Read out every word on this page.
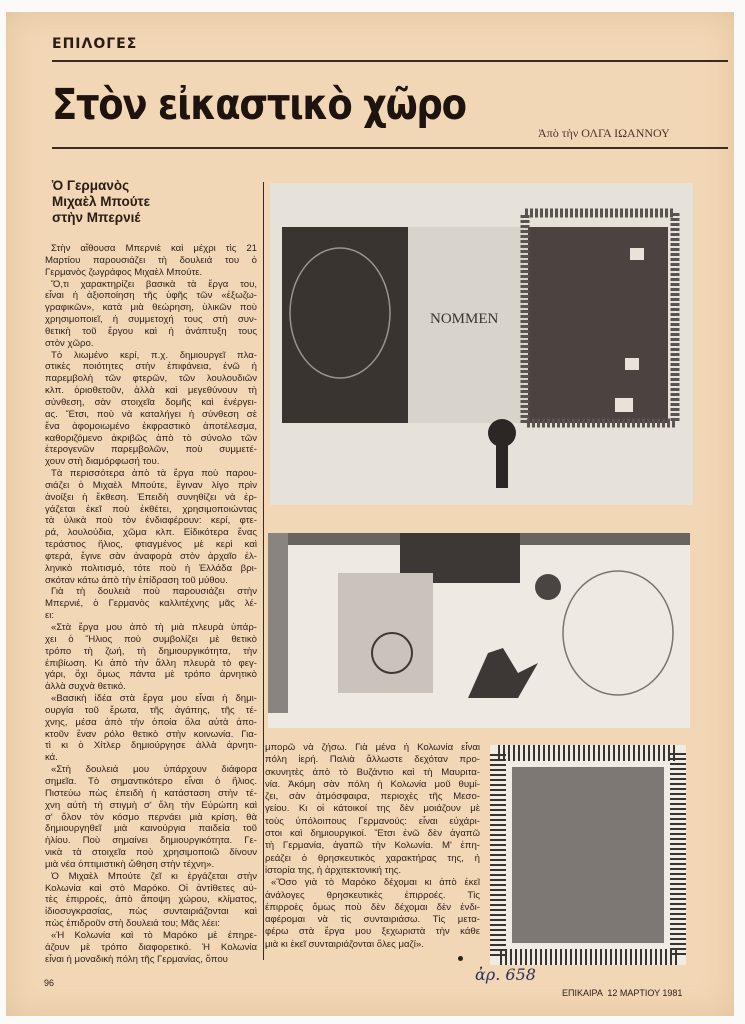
ΕΠΙΛΟΓΕΣ
Στὸν εἰκαστικὸ χῶρο
Ἀπὸ τὴν ΟΛΓΑ ΙΩΑΝΝΟΥ
Ὁ Γερμανὸς
Μιχαὲλ Μπούτε
στὴν Μπερνιέ
Στὴν αἴθουσα Μπερνιὲ καὶ μέχρι τὶς 21
Μαρτίου παρουσιάζει τὴ δουλειά του ὁ
Γερμανὸς ζωγράφος Μιχαὲλ Μπούτε.
Ὅ,τι χαρακτηρίζει βασικὰ τὰ ἔργα του,
εἶναι ἡ ἀξιοποίηση τῆς ὑφῆς τῶν «ἐξωζω-
γραφικῶν», κατὰ μιὰ θεώρηση, ὑλικῶν ποὺ
χρησιμοποιεῖ, ἡ συμμετοχή τους στὴ συν-
θετικὴ τοῦ ἔργου καὶ ἡ ἀνάπτυξη τους
στὸν χῶρο.
Τὸ λιωμένο κερί, π.χ. δημιουργεῖ πλα-
στικὲς ποιότητες στὴν ἐπιφάνεια, ἐνῶ ἡ
παρεμβολὴ τῶν φτερῶν, τῶν λουλουδιῶν
κλπ. ὁριοθετοῦν, ἀλλὰ καὶ μεγεθύνουν τὴ
σύνθεση, σὰν στοιχεῖα δομῆς καὶ ἐνέργει-
ας. Ἔτσι, ποὺ νὰ καταλήγει ἡ σύνθεση σὲ
ἕνα ἀφομοιωμένο ἐκφραστικὸ ἀποτέλεσμα,
καθοριζόμενο ἀκριβῶς ἀπὸ τὸ σύνολο τῶν
ἑτερογενῶν παρεμβολῶν, ποὺ συμμετέ-
χουν στὴ διαμόρφωσή του.
Τὰ περισσότερα ἀπὸ τὰ ἔργα ποὺ παρου-
σιάζει ὁ Μιχαὲλ Μπούτε, ἔγιναν λίγο πρὶν
ἀνοίξει ἡ ἔκθεση. Ἐπειδὴ συνηθίζει νὰ ἐρ-
γάζεται ἐκεῖ ποὺ ἐκθέτει, χρησιμοποιώντας
τὰ ὑλικὰ ποὺ τὸν ἐνδιαφέρουν: κερί, φτε-
ρά, λουλούδια, χῶμα κλπ. Εἰδικότερα ἕνας
τεράστιος ἥλιος, φτιαγμένος μὲ κερὶ καὶ
φτερά, ἔγινε σὰν ἀναφορὰ στὸν ἀρχαῖο ἑλ-
ληνικὸ πολιτισμό, τότε ποὺ ἡ Ἑλλάδα βρι-
σκόταν κάτω ἀπὸ τὴν ἐπίδραση τοῦ μύθου.
Γιὰ τὴ δουλειὰ ποὺ παρουσιάζει στὴν
Μπερνιέ, ὁ Γερμανὸς καλλιτέχνης μᾶς λέ-
ει:
«Στὰ ἔργα μου ἀπὸ τὴ μιὰ πλευρὰ ὑπάρ-
χει ὁ Ἥλιος ποὺ συμβολίζει μὲ θετικὸ
τρόπο τὴ ζωή, τὴ δημιουργικότητα, τὴν
ἐπιβίωση. Κι ἀπὸ τὴν ἄλλη πλευρὰ τὸ φεγ-
γάρι, ὄχι ὅμως πάντα μὲ τρόπο ἀρνητικὸ
ἀλλὰ συχνὰ θετικό.
«Βασικὴ ἰδέα στὰ ἔργα μου εἶναι ἡ δημι-
ουργία τοῦ ἔρωτα, τῆς ἀγάπης, τῆς τέ-
χνης, μέσα ἀπὸ τὴν ὁποία ὅλα αὐτὰ ἀπο-
κτοῦν ἕναν ρόλο θετικὸ στὴν κοινωνία. Για-
τὶ κι ὁ Χίτλερ δημιούργησε ἀλλὰ ἀρνητι-
κά.
«Στὴ δουλειά μου ὑπάρχουν διάφορα
σημεῖα. Τὸ σημαντικότερο εἶναι ὁ ἥλιος.
Πιστεύω πὼς ἐπειδὴ ἡ κατάσταση στὴν τέ-
χνη αὐτὴ τὴ στιγμὴ σ' ὅλη τὴν Εὐρώπη καὶ
σ' ὅλον τὸν κόσμο περνάει μιὰ κρίση, θὰ
δημιουργηθεῖ μιὰ καινούργια παιδεία τοῦ
ἡλίου. Ποὺ σημαίνει δημιουργικότητα. Γε-
νικὰ τὰ στοιχεῖα ποὺ χρησιμοποιῶ δίνουν
μιὰ νέα ὀπτιμιστικὴ ὤθηση στὴν τέχνη».
Ὁ Μιχαὲλ Μπούτε ζεῖ κι ἐργάζεται στὴν
Κολωνία καὶ στὸ Μαρόκο. Οἱ ἀντίθετες αὐ-
τὲς ἐπιρροές, ἀπὸ ἄποψη χώρου, κλίματος,
ἰδιοσυγκρασίας, πὼς συνταιριάζονται καὶ
πὼς ἐπιδροῦν στὴ δουλειά του; Μᾶς λέει:
«Ἡ Κολωνία καὶ τὸ Μαρόκο μὲ ἐπηρε-
άζουν μὲ τρόπο διαφορετικό. Ἡ Κολωνία
εἶναι ἡ μοναδικὴ πόλη τῆς Γερμανίας, ὅπου
μπορῶ νὰ ζήσω. Γιὰ μένα ἡ Κολωνία εἶναι
πόλη ἱερή. Παλιὰ ἄλλωστε δεχόταν προ-
σκυνητὲς ἀπὸ τὸ Βυζάντιο καὶ τὴ Μαυριτα-
νία. Ἀκόμη σὰν πόλη ἡ Κολωνία μοῦ θυμί-
ζει, σὰν ἀτμόσφαιρα, περιοχὲς τῆς Μεσο-
γείου. Κι οἱ κάτοικοί της δὲν μοιάζουν μὲ
τοὺς ὑπόλοιπους Γερμανούς: εἶναι εὐχάρι-
στοι καὶ δημιουργικοί. Ἔτσι ἐνῶ δὲν ἀγαπῶ
τὴ Γερμανία, ἀγαπῶ τὴν Κολωνία. Μ' ἐπη-
ρεάζει ὁ θρησκευτικὸς χαρακτήρας της, ἡ
ἱστορία της, ἡ ἀρχιτεκτονική της.
«Ὅσο γιὰ τὸ Μαρόκο δέχομαι κι ἀπὸ ἐκεῖ
ἀνάλογες θρησκευτικὲς ἐπιρροές. Τὶς
ἐπιρροὲς ὅμως ποὺ δὲν δέχομαι δὲν ἐνδι-
αφέρομαι νὰ τὶς συνταιριάσω. Τὶς μετα-
φέρω στὰ ἔργα μου ξεχωριστὰ τὴν κάθε
μιὰ κι ἐκεῖ συνταιριάζονται ὅλες μαζί».
NOMMEN
96	ἀρ. 658
ΕΠΙΚΑΙΡΑ  12 ΜΑΡΤΙΟΥ 1981
